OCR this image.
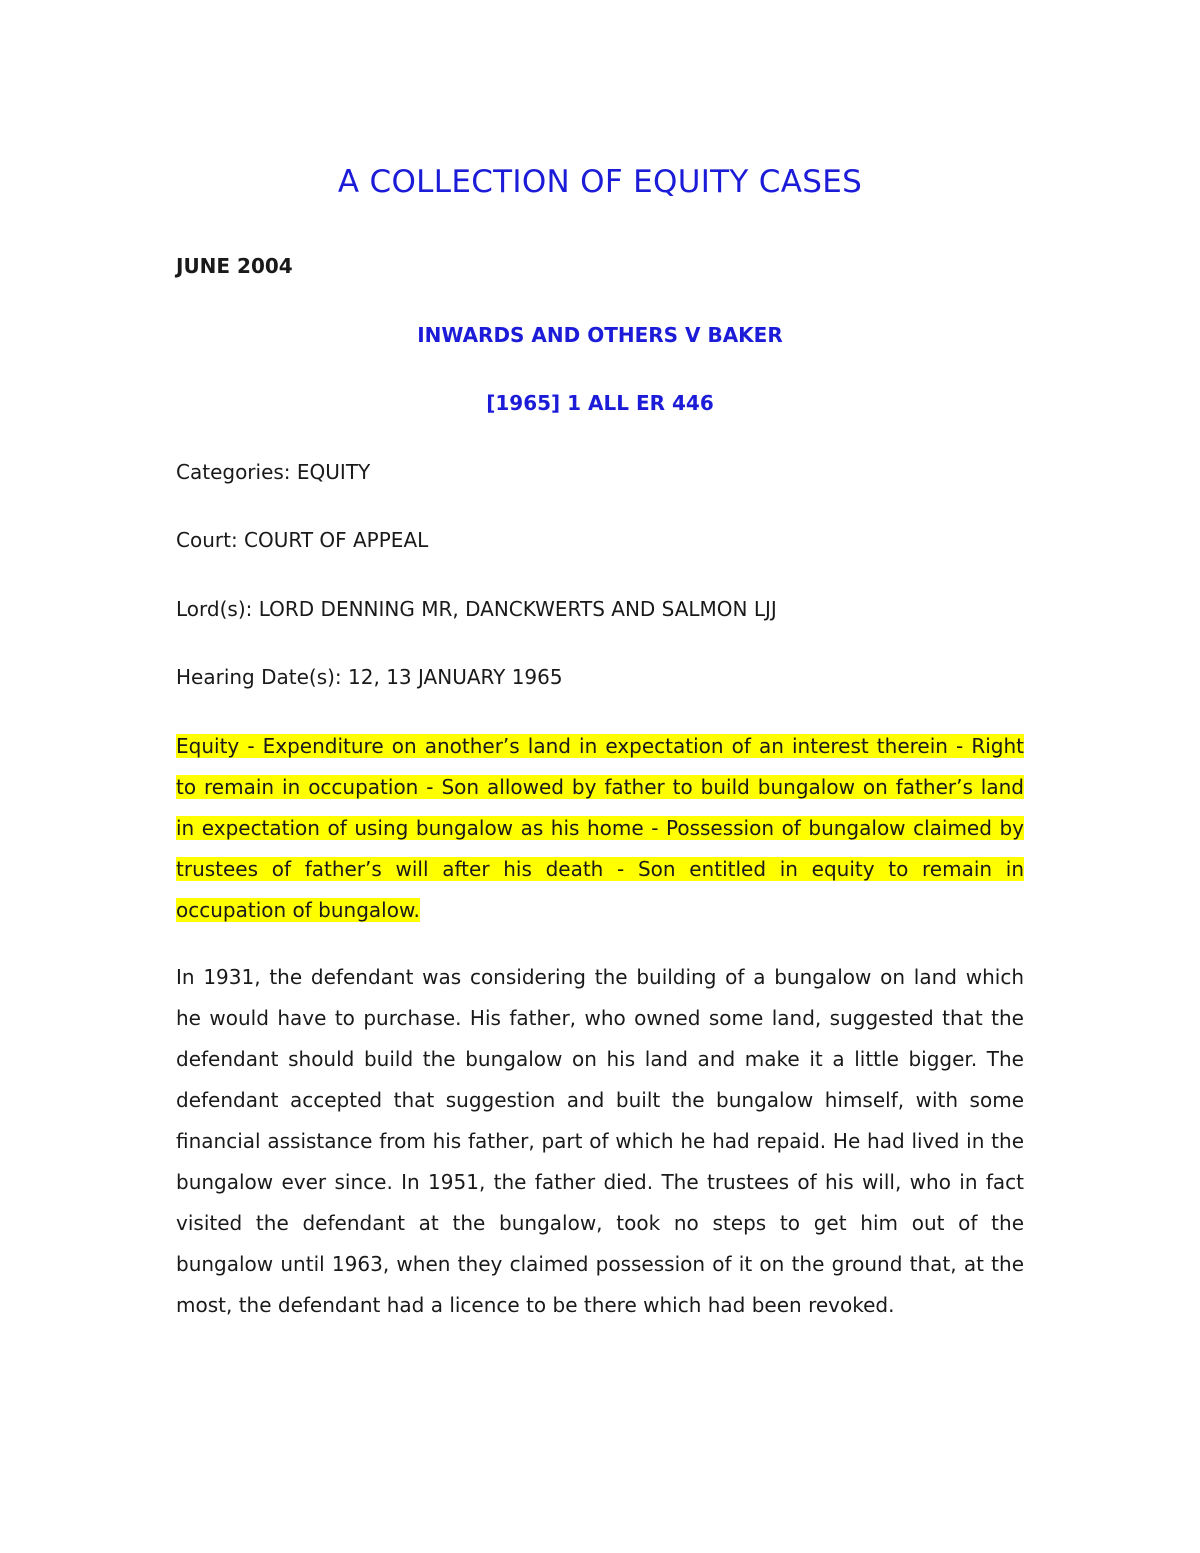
A COLLECTION OF EQUITY CASES
JUNE 2004
INWARDS AND OTHERS V BAKER
[1965] 1 ALL ER 446
Categories: EQUITY
Court: COURT OF APPEAL
Lord(s): LORD DENNING MR, DANCKWERTS AND SALMON LJJ
Hearing Date(s): 12, 13 JANUARY 1965
Equity - Expenditure on another’s land in expectation of an interest therein - Right to remain in occupation - Son allowed by father to build bungalow on father’s land in expectation of using bungalow as his home - Possession of bungalow claimed by trustees of father’s will after his death - Son entitled in equity to remain in occupation of bungalow.
In 1931, the defendant was considering the building of a bungalow on land which he would have to purchase. His father, who owned some land, suggested that the defendant should build the bungalow on his land and make it a little bigger. The defendant accepted that suggestion and built the bungalow himself, with some financial assistance from his father, part of which he had repaid. He had lived in the bungalow ever since. In 1951, the father died. The trustees of his will, who in fact visited the defendant at the bungalow, took no steps to get him out of the bungalow until 1963, when they claimed possession of it on the ground that, at the most, the defendant had a licence to be there which had been revoked.
